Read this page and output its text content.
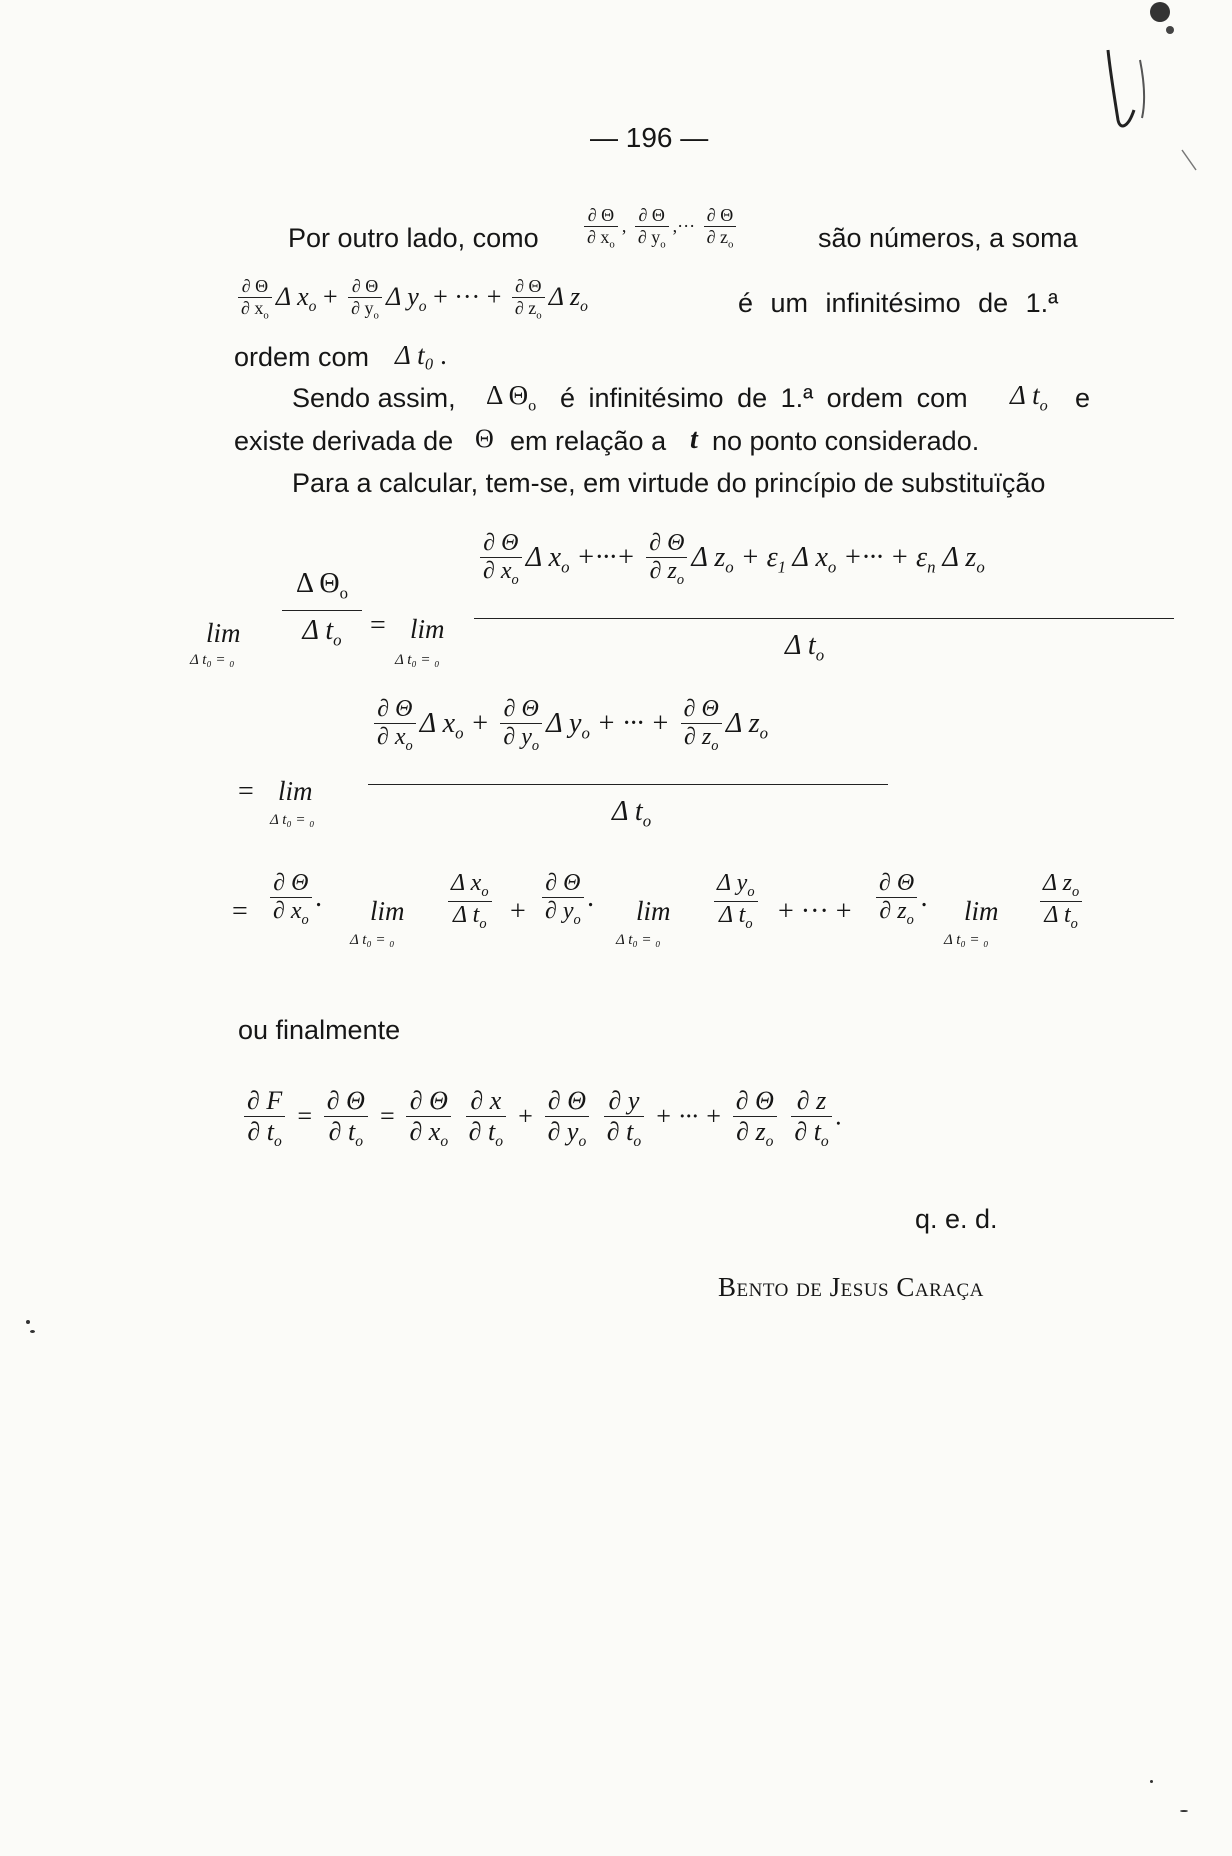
— 196 —
Por outro lado, como	$\frac{\partial \Theta}{\partial x_o}$ , $\frac{\partial \Theta}{\partial y_o}$ ,··· $\frac{\partial \Theta}{\partial z_o}$	são números, a soma
$\frac{\partial \Theta}{\partial x_o}$ Δ $x_o + \frac{\partial \Theta}{\partial y_o}$ Δ $y_o$ + ··· + $\frac{\partial \Theta}{\partial z_o}$ Δ $z_o$	é um infinitésimo de 1.ª
ordem com Δ t₀ .
Sendo assim, Δ $\Theta_o$ é infinitésimo de 1.ª ordem com Δ $t_o$ e
existe derivada de Θ em relação a t no ponto considerado.
Para a calcular, tem-se, em virtude do princípio de substituïção
lim
Δ t₀ = ₀
Δ $\Theta_o$
Δ $t_o$	= lim
Δ t₀ = ₀
$\frac{\partial \Theta}{\partial x_o}$ Δ $x_o$ +···+ $\frac{\partial \Theta}{\partial z_o}$ Δ $z_o + \varepsilon_1$ Δ $x_o$ +··· + $\varepsilon_n$ Δ $z_o$
Δ $t_o$
= lim
Δ t₀ = ₀
$\frac{\partial \Theta}{\partial x_o}$ Δ $x_o + \frac{\partial \Theta}{\partial y_o}$ Δ $y_o$ + ··· + $\frac{\partial \Theta}{\partial z_o}$ Δ $z_o$
Δ $t_o$
= $\frac{\partial \Theta}{\partial x_o}$ . lim
Δ t₀ = ₀
$\frac{\Delta x_o}{\Delta t_o} + \frac{\partial \Theta}{\partial y_o}$ . lim
Δ t₀ = ₀
$\frac{\Delta y_o}{\Delta t_o}$ + ··· + $\frac{\partial \Theta}{\partial z_o}$ . lim
Δ t₀ = ₀
$\frac{\Delta z_o}{\Delta t_o}$
ou finalmente
$\frac{\partial F}{\partial t_o} = \frac{\partial \Theta}{\partial t_o} = \frac{\partial \Theta}{\partial x_o}$
$\frac{\partial x}{\partial t_o} + \frac{\partial \Theta}{\partial y_o}$
$\frac{\partial y}{\partial t_o}$ + ··· + $\frac{\partial \Theta}{\partial z_o}$
$\frac{\partial z}{\partial t_o}$ .
q. e. d.
Bento de Jesus Caraça
